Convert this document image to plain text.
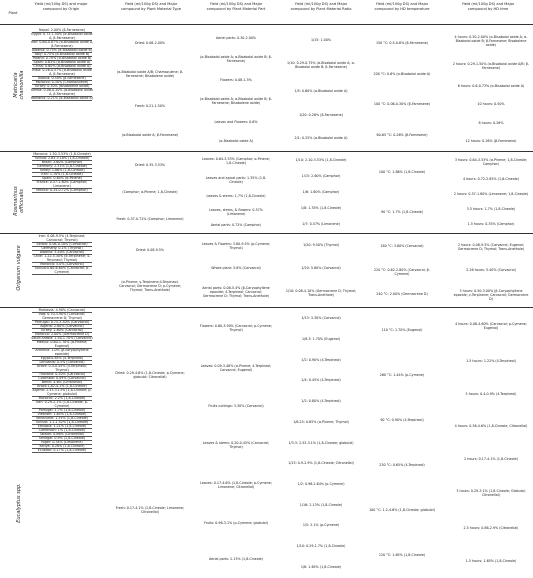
Plant
Yield (ml/100g DS) and major compound by Origin
Yield (ml/100g DS) and Major compound by Plant Material Type
Yield (ml/100g DS) and Major compound by Plant Material Part
Yield (ml/100g DS) and Major compound by Plant Material Ratio
Yield (ml/100g DS) and Major compound by HD temperature
Yield (ml/100g DS) and Major compound by HD time
Matricaria chamomilla
Rosmarinus officinalis
Origanum vulgare
Eucalyptus spp.
Nepal: 2.00% (β-Farnesene)
Egypt: 0.73-1.50% (α-Bisabolol oxide A, β-Farnesene)
Iran: 0.60-0.87% (α-Bisabolol oxide A, β-Farnesene)
Albania: 0.75% (α-Bisabolol oxide B)
Italy: 0.75% (α-Bisabolol oxide B)
Poland: 0.70% (α-Bisabolol oxide B)
Spain: 0.63% (α-Bisabolol oxide A)
China: 0.60% (α-Bisabolol oxide A)
India: 0.26-0.57% (α-Bisabolol oxide A, β-Farnesene)
Bosnia: 0.50% (β-Farnesene)
Morocco: 0.30% (Chamazulene)
Turkey: 0.30% (Bisabolene oxide)
Serbia: 0.08-0.20% (α-Bisabolol oxide A, β-Farnesene)
Romania: 0.21% (α-Bisabolol oxide A)
Dried: 0.08-2.00%
(α-Bisabolol oxide A/B; Chamazulene; β-Farnesene; Bisabolene oxide)
Fresh: 0.21-1.50%
(α-Bisabolol oxide A; β-Farnesene)
Aerial parts: 0.30-2.00%
(α-Bisabolol oxide A; α-Bisabolol oxide B; β-Farnesene)
Flowers: 0.08-1.5%
(α-Bisabolol oxide A; α-Bisabolol oxide B; β-Farnesene; Bisabolene oxide)
Leaves and Flowers: 0.6%
(α-Bisabolol oxide A)
1/15: 1.00%
1/10: 0.29-0.75% (α-Bisabolol oxide A; α-Bisabolol oxide B; β-Farnesene)
1/5: 0.60% (α-Bisabolol oxide A)
1/20: 0.26% (β-Farnesene)
2/1: 0.25% (α-Bisabolol oxide A)
150 °C: 0.5-0.6% (β-Farnesene)
200 °C: 0.6% (α-Bisabolol oxide A)
100 °C: 0.06-0.30% (β-Farnesene)
60-65 °C: 0.26% (β-Farnesene)
4 hours: 0.30-2.00% (α-Bisabolol oxide A; α-Bisabolol oxide B; β-Farnesene; Bisabolene oxide)
2 hours: 0.29-1.50% (α-Bisabolol oxide A/B; β-Farnesene)
6 hours: 0.6-0.73% (α-Bisabolol oxide A)
10 hours: 0.50%
8 hours: 0.26%
12 hours: 0.26% (β-Farnesene)
Morocco: 1.30-3.53% (1,8-Cineole)
Tunisia: 2.85-3.18% (1,8-Cineole)
Brazil: 2.60% (Camphor)
Germany: 2.31% (1,8-Cineole)
Turkey: 1.86% (1,8-Cineole)
Iran: 1.70% (1,8-Cineole)
Spain: 0.64% (α-Pinene)
France: 0.57-1.80% (Camphor; Limonene)
Mexico: 0.35-0.72% (Camphor)
Dried: 0.35-3.53%
(Camphor; α-Pinene; 1,8-Cineole)
Fresh: 0.37-0.72% (Camphor; Limonene)
Leaves: 0.64-3.53% (Camphor; α-Pinene; 1,8-Cineole)
Leaves and apical parts: 1.35% (1,8-Cineole)
Leaves & stems: 1.7% (1,8-Cineole)
Leaves, stems, & flowers: 0.57% (Limonene)
Aerial parts: 0.72% (Camphor)
1/10: 2.10-3.53% (1,8-Cineole)
1/15: 2.60% (Camphor)
1/6: 1.80% (Camphor)
1/8: 1.35% (1,8-Cineole)
1/7: 0.57% (Limonene)
100 °C: 1.86% (1,8-Cineole)
90 °C: 1.7% (1,8-Cineole)
3 hours: 0.64-3.53% (α-Pinene; 1,8-Cineole; Camphor)
4 hours: 0.72-2.85% (1,8-Cineole)
2 hours: 0.57-1.80% (Limonene; 1,8-Cineole)
3.5 hours: 1.7% (1,8-Cineole)
1.5 hours: 0.35% (Camphor)
Iran: 0.08-9.5% (4-Terpineol; Carvacrol; Thymol)
Serbia: 0.08-0.18% (Carvacrol)
Germany: 0.1% (Thymol)
Albania: 5.40% (Carvacrol)
Chile: 1.22-5.30% (α-Terpinene; 4-Terpineol; Thymol)
Morocco: 5.0% (Carvacrol)
Tunisia:0.60-6.60% (Carvacrol; p-Cymene)
Dried: 0.08-9.5%
(α-Pinene; γ-Terpinene;4-Terpineol; Carvacrol; Germacrene D; p-Cymene; Thymol; Trans-Anethole)
Leaves & Flowers: 3.80-9.5% (p-Cymene; Thymol)
Whole plant: 5.8% (Carvacrol)
Aerial parts: 0.08-5.4% (β-Caryophyllene epoxide; 4-Terpineol; Carvacrol; Germacrene D; Thymol; Trans-Anethole)
1/20: 9.50% (Thymol)
1/20: 5.80% (Carvacrol)
1/10: 0.08-4.10% (Germacrene D; Thymol; Trans-Anethole)
180 °C: 3.80% (Carvacrol)
220 °C: 0.62-2.80% (Carvacrol; β-Cymene)
240 °C: 2.00% (Germacrene D)
2 hours: 0.08-9.5% (Carvacrol; Eugenol; Germacrene D; Thymol; Trans-Anethole)
2.26 hours: 5.40% (Carvacrol)
3 hours: 0.50-3.00% (β-Caryophyllene epoxide; γ-Terpinene; Carvacrol; Germacrene D)
Moldavia: 4.90% (Carvacrol)
Iraq: 0.70-3.90% (Carvacrol; Germacrene D; Thymol)
Portugal: 0.75-3.30% (Carvacrol)
Algeria: 2.80% (Carvacrol)
Turkey: 2.60% (Carvacrol)
Morocco: 2.00% (Germacrene D)
Saudi Arabia: 1.50-1.70% (Carvacrol)
Mexico: 0.60-1.70% (α-Pinene; Eugenol)
Armenia: 1.0% (β-caryophyllene epoxide)
Egypt:0.85% (4-Terpineol)
Lithuania: 0.5% (Carvacrol)
Brazil: 0.4-0.45% (4-Terpineol; Thymol)
Thailand: 0.20% (Carvacrol)
Colombia: 0.09% (Carvacrol)
Benin: 4.6% (Citronellal)
Brazil:1.82-4.1% (1,8-Cineole)
Algeria: 2.53-3.13% (1,8-Cineole; p-Cymene; globulol)
Morocco: 2.2% (1,8-Cineole)
Iran: 0.29-2.1% (1,8-Cineole; p-Cymene)
Portugal: 1.7% (1,8-Cineole)
Vietnam: 1.65% (1,8-Cineole)
Venezuela: 1.35% (1,8-Cineole)
Tunisia: 1.1-1.52% (1,8-Cineole)
Ethiopia: 1.21% (1,8-Cineole)
Cameroon: 1% (1,8-Cineole)
Taiwan: 0.86% (Citronellal)
Senegal: 0.9% (1,8-Cineole)
Niger: 0.34% (Limonene)
Kenya: 0.28% (1,8-Cineole)
Ecuador: 0.17% (1,8-Cineole)
Dried: 0.29-4.6% (1,8-Cineole; p-Cymene; globulol; Citronellal)
Fresh: 0.17-4.1% (1,8-Cineole; Limonene; Citronellal)
Flowers: 0.60-3.90% (Carvacrol; p-Cymene; Thymol)
Leaves: 0.09-3.48% (α-Pinene; 4-Terpineol; Carvacrol; Eugenol)
Fruits cuttings: 3.30% (Carvacrol)
Leaves & stems: 0.20-0.45% (Carvacrol; Thymol)
Leaves: 0.17-4.6% (1,8-Cineole; p-Cymene; Limonene; Citronellal)
Fruits: 0.96-3.1% (p-Cymene; globulol)
Aerial parts: 2.13% (1,8-Cineole)
1/13: 3.30% (Carvacrol)
1/8.3: 1.70% (Eugenol)
1/2: 0.90% (4-Terpineol)
1/4: 0.45% (4-Terpineol)
1/2: 0.80% (4-Terpineol)
1/6.25: 0.65% (α-Pinene; Thymol)
1/3.3: 2.53-3.1% (1,8-Cineole; globulol)
1/15: 0.9-2.9% (1,8-Cineole; Citronellal)
1/2: 0.96-2.64% (p-Cymene)
1/16: 2.13% (1,8-Cineole)
1/5: 2.1% (p-Cymene)
1/10: 0.29-1.7% (1,8-Cineole)
1/8: 1.65% (1,8-Cineole)
110 °C: 1.70% (Eugenol)
260 °C: 1.44% (p-Cymene)
90 °C: 0.90% (4-Terpineol)
230 °C: 0.65% (4-Terpineol)
100 °C: 1.2-4.6% (1,8-Cineole; globulol)
120 °C: 1.65% (1,8-Cineole)
4 hours: 0.08-4.60% (Carvacrol; p-Cymene; Eugenol)
1.5 hours: 1.22% (4-Terpineol)
5 hours: 0.4-0.9% (4-Terpineol)
4 hours: 0.36-4.6% (1,8-Cineole; Citronellal)
2 hours: 0.17-4.1% (1,8-Cineole)
3 hours: 0.29-3.1% (1,8-Cineole; Globulol; Citronellal)
2.5 hours: 0.86-2.9% (Citronellal)
1.5 hours: 1.65% (1,8-Cineole)
